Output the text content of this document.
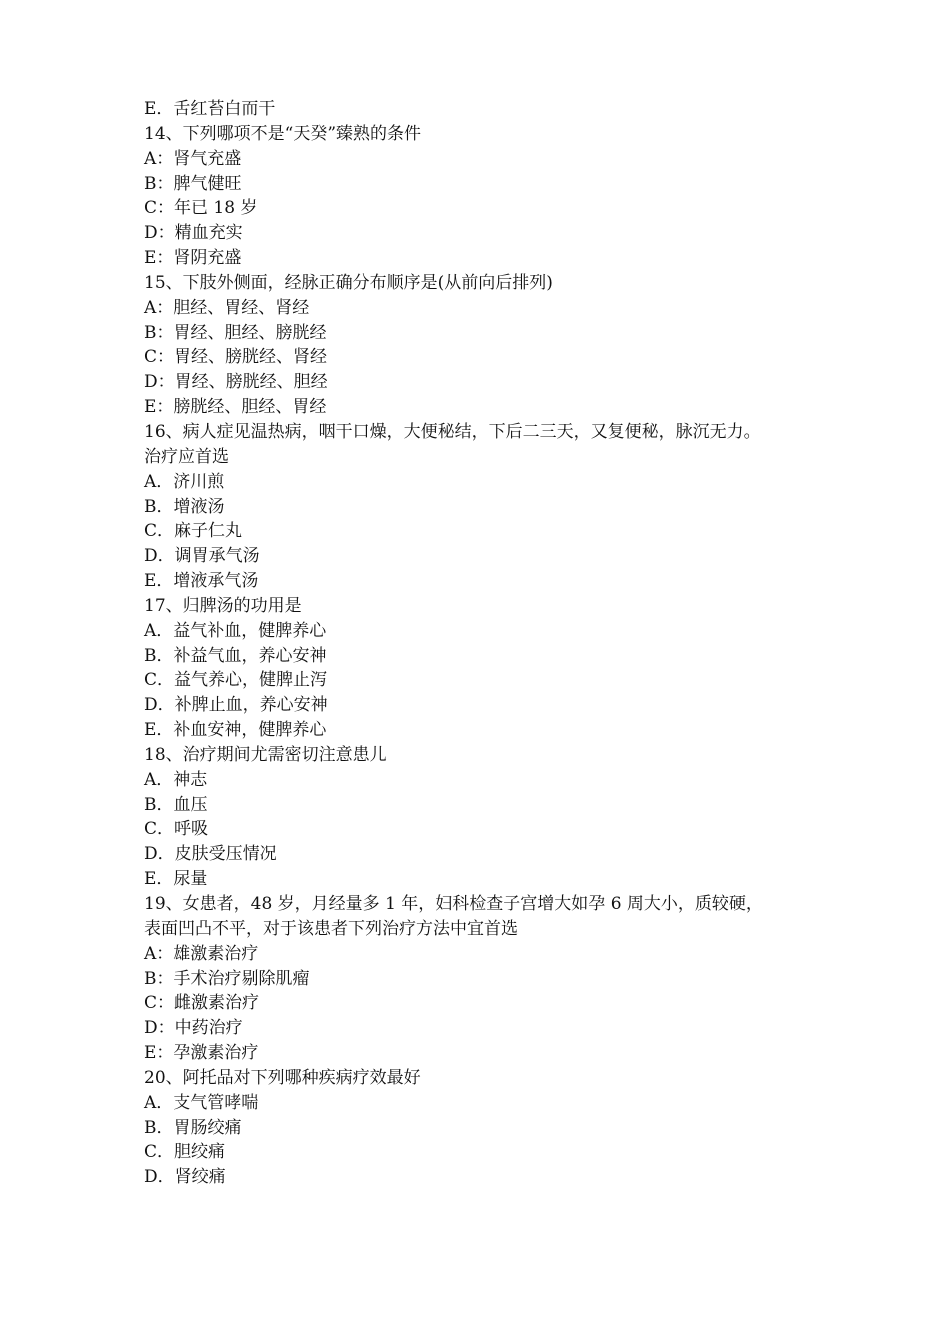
E．舌红苔白而干
14、下列哪项不是“天癸”臻熟的条件
A：肾气充盛
B：脾气健旺
C：年已 18 岁
D：精血充实
E：肾阴充盛
15、下肢外侧面，经脉正确分布顺序是(从前向后排列)
A：胆经、胃经、肾经
B：胃经、胆经、膀胱经
C：胃经、膀胱经、肾经
D：胃经、膀胱经、胆经
E：膀胱经、胆经、胃经
16、病人症见温热病，咽干口燥，大便秘结，下后二三天，又复便秘，脉沉无力。
治疗应首选
A．济川煎
B．增液汤
C．麻子仁丸
D．调胃承气汤
E．增液承气汤
17、归脾汤的功用是
A．益气补血，健脾养心
B．补益气血，养心安神
C．益气养心，健脾止泻
D．补脾止血，养心安神
E．补血安神，健脾养心
18、治疗期间尤需密切注意患儿
A．神志
B．血压
C．呼吸
D．皮肤受压情况
E．尿量
19、女患者，48 岁，月经量多 1 年，妇科检查子宫增大如孕 6 周大小，质较硬，
表面凹凸不平，对于该患者下列治疗方法中宜首选
A：雄激素治疗
B：手术治疗剔除肌瘤
C：雌激素治疗
D：中药治疗
E：孕激素治疗
20、阿托品对下列哪种疾病疗效最好
A．支气管哮喘
B．胃肠绞痛
C．胆绞痛
D．肾绞痛
